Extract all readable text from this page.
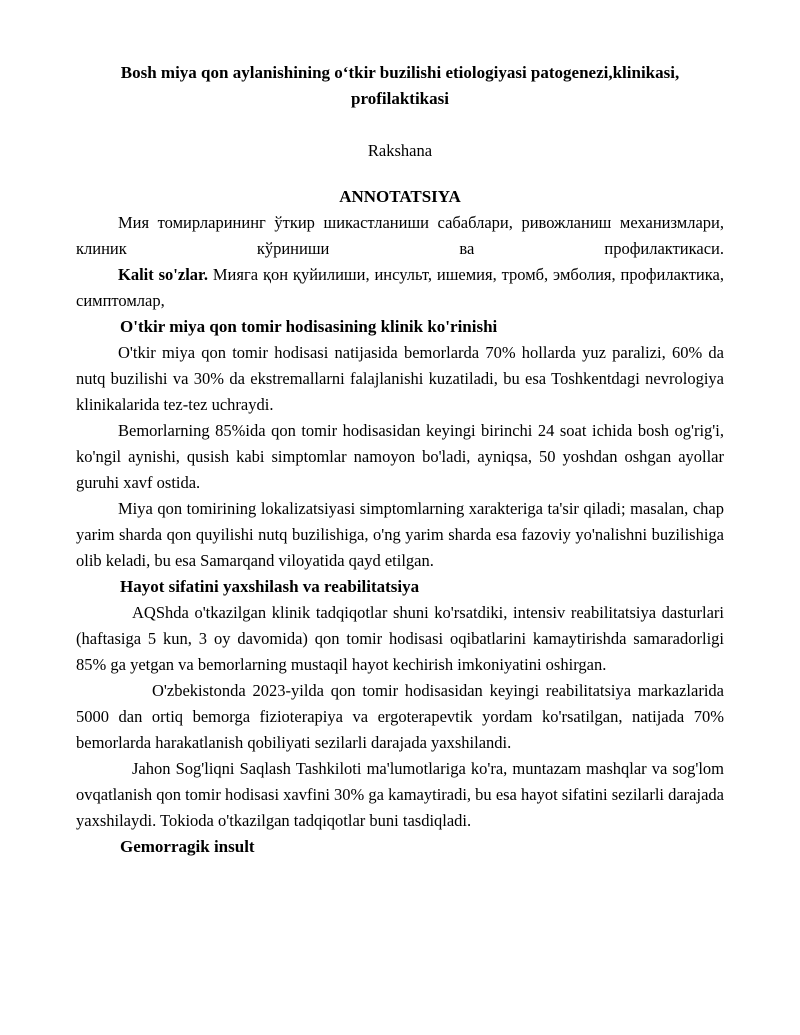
Bosh miya qon aylanishining o‘tkir buzilishi etiologiyasi patogenezi,klinikasi, profilaktikasi

Rakshana

ANNOTATSIYA

Мия томирларининг ўткир шикастланиши сабаблари, ривожланиш механизмлари, клиник кўриниши ва профилактикаси.

Kalit so'zlar. Мияга қон қуйилиши, инсульт, ишемия, тромб, эмболия, профилактика, симптомлар,

O'tkir miya qon tomir hodisasining klinik ko'rinishi

O'tkir miya qon tomir hodisasi natijasida bemorlarda 70% hollarda yuz paralizi, 60% da nutq buzilishi va 30% da ekstremallarni falajlanishi kuzatiladi, bu esa Toshkentdagi nevrologiya klinikalarida tez-tez uchraydi.

Bemorlarning 85%ida qon tomir hodisasidan keyingi birinchi 24 soat ichida bosh og'rig'i, ko'ngil aynishi, qusish kabi simptomlar namoyon bo'ladi, ayniqsa, 50 yoshdan oshgan ayollar guruhi xavf ostida.

Miya qon tomirining lokalizatsiyasi simptomlarning xarakteriga ta'sir qiladi; masalan, chap yarim sharda qon quyilishi nutq buzilishiga, o'ng yarim sharda esa fazoviy yo'nalishni buzilishiga olib keladi, bu esa Samarqand viloyatida qayd etilgan.

Hayot sifatini yaxshilash va reabilitatsiya

AQShda o'tkazilgan klinik tadqiqotlar shuni ko'rsatdiki, intensiv reabilitatsiya dasturlari (haftasiga 5 kun, 3 oy davomida) qon tomir hodisasi oqibatlarini kamaytirishda samaradorligi 85% ga yetgan va bemorlarning mustaqil hayot kechirish imkoniyatini oshirgan.

O'zbekistonda 2023-yilda qon tomir hodisasidan keyingi reabilitatsiya markazlarida 5000 dan ortiq bemorga fizioterapiya va ergoterapevtik yordam ko'rsatilgan, natijada 70% bemorlarda harakatlanish qobiliyati sezilarli darajada yaxshilandi.

Jahon Sog'liqni Saqlash Tashkiloti ma'lumotlariga ko'ra, muntazam mashqlar va sog'lom ovqatlanish qon tomir hodisasi xavfini 30% ga kamaytiradi, bu esa hayot sifatini sezilarli darajada yaxshilaydi. Tokioda o'tkazilgan tadqiqotlar buni tasdiqladi.

Gemorragik insult
